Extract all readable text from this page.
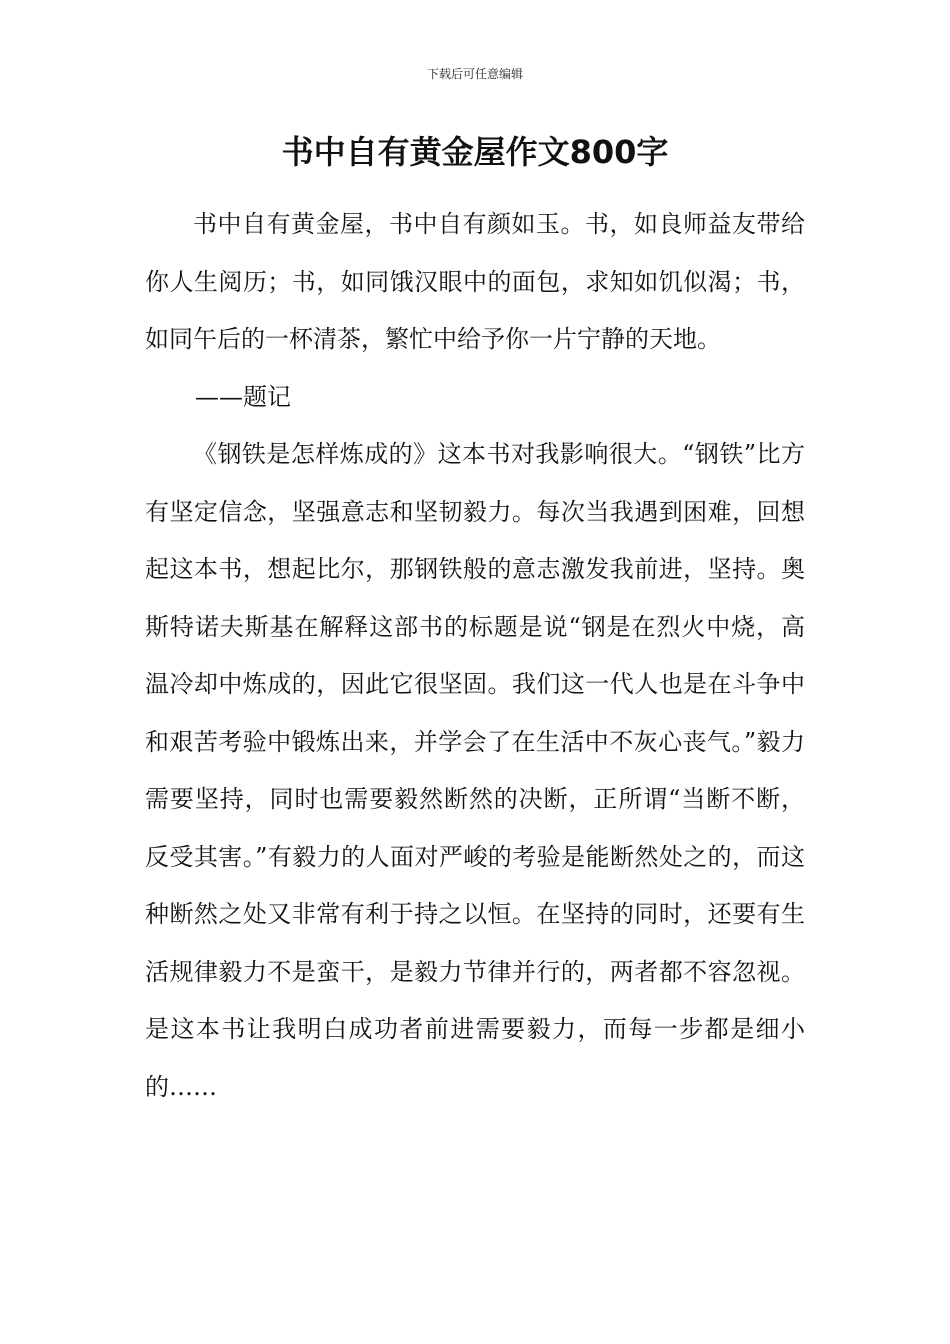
下载后可任意编辑
书中自有黄金屋作文800字

书中自有黄金屋，书中自有颜如玉。书，如良师益友带给你人生阅历；书，如同饿汉眼中的面包，求知如饥似渴；书，如同午后的一杯清茶，繁忙中给予你一片宁静的天地。

——题记

《钢铁是怎样炼成的》这本书对我影响很大。“钢铁”比方有坚定信念，坚强意志和坚韧毅力。每次当我遇到困难，回想起这本书，想起比尔，那钢铁般的意志激发我前进，坚持。奥斯特诺夫斯基在解释这部书的标题是说“钢是在烈火中烧，高温冷却中炼成的，因此它很坚固。我们这一代人也是在斗争中和艰苦考验中锻炼出来，并学会了在生活中不灰心丧气。”毅力需要坚持，同时也需要毅然断然的决断，正所谓“当断不断，反受其害。”有毅力的人面对严峻的考验是能断然处之的，而这种断然之处又非常有利于持之以恒。在坚持的同时，还要有生活规律毅力不是蛮干，是毅力节律并行的，两者都不容忽视。是这本书让我明白成功者前进需要毅力，而每一步都是细小的……
